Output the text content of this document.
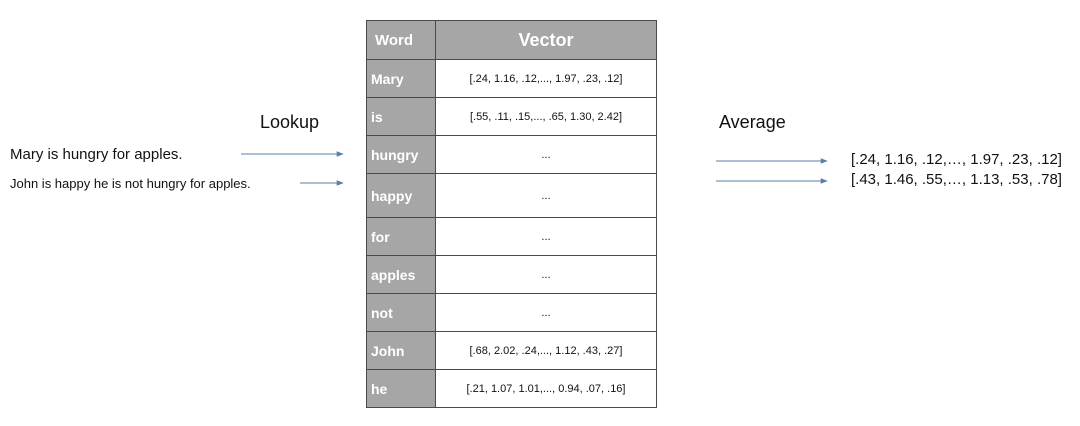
Mary is hungry for apples.
John is happy he is not hungry for apples.
Lookup	Average
Word	Vector
Mary	[.24, 1.16, .12,..., 1.97, .23, .12]
is	[.55, .11, .15,..., .65, 1.30, 2.42]
hungry	...
happy	...
for	...
apples	...
not	...
John	[.68, 2.02, .24,..., 1.12, .43, .27]
he	[.21, 1.07, 1.01,..., 0.94, .07, .16]
[.24, 1.16, .12,…, 1.97, .23, .12]
[.43, 1.46, .55,…, 1.13, .53, .78]
